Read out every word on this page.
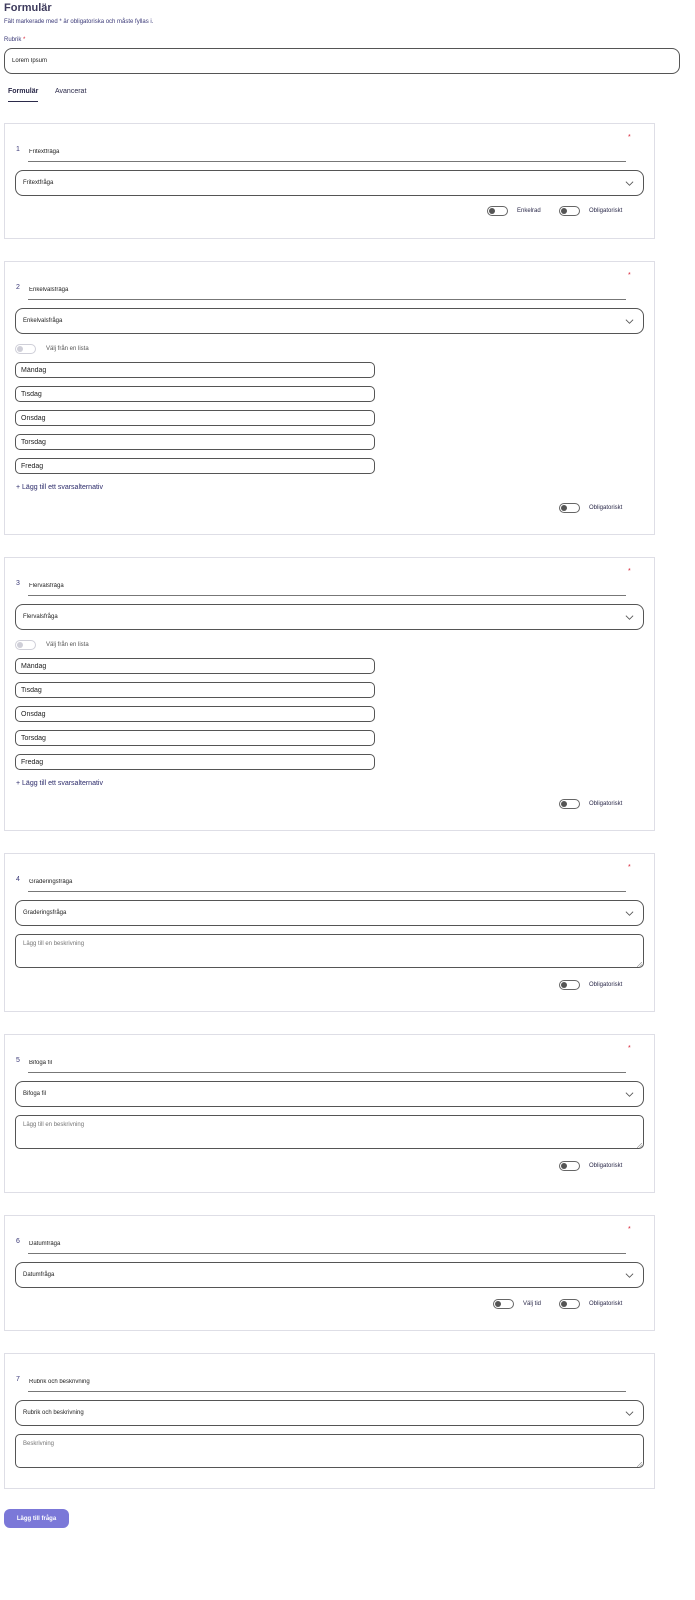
Formulär
Fält markerade med * är obligatoriska och måste fyllas i.
Rubrik *
Lorem Ipsum
Formulär Avancerat
1
Fritextfråga
*
Fritextfråga
Enkelrad	Obligatoriskt
2
Enkelvalsfråga
*
Enkelvalsfråga
Välj från en lista
Måndag
Tisdag
Onsdag
Torsdag
Fredag
+ Lägg till ett svarsalternativ
Obligatoriskt
3
Flervalsfråga
*
Flervalsfråga
Välj från en lista
Måndag
Tisdag
Onsdag
Torsdag
Fredag
+ Lägg till ett svarsalternativ
Obligatoriskt
4
Graderingsfråga
*
Graderingsfråga
Lägg till en beskrivning
Obligatoriskt
5
Bifoga fil
*
Bifoga fil
Lägg till en beskrivning
Obligatoriskt
6
Datumfråga
*
Datumfråga
Välj tid	Obligatoriskt
7
Rubrik och beskrivning
Rubrik och beskrivning
Beskrivning
Lägg till fråga
